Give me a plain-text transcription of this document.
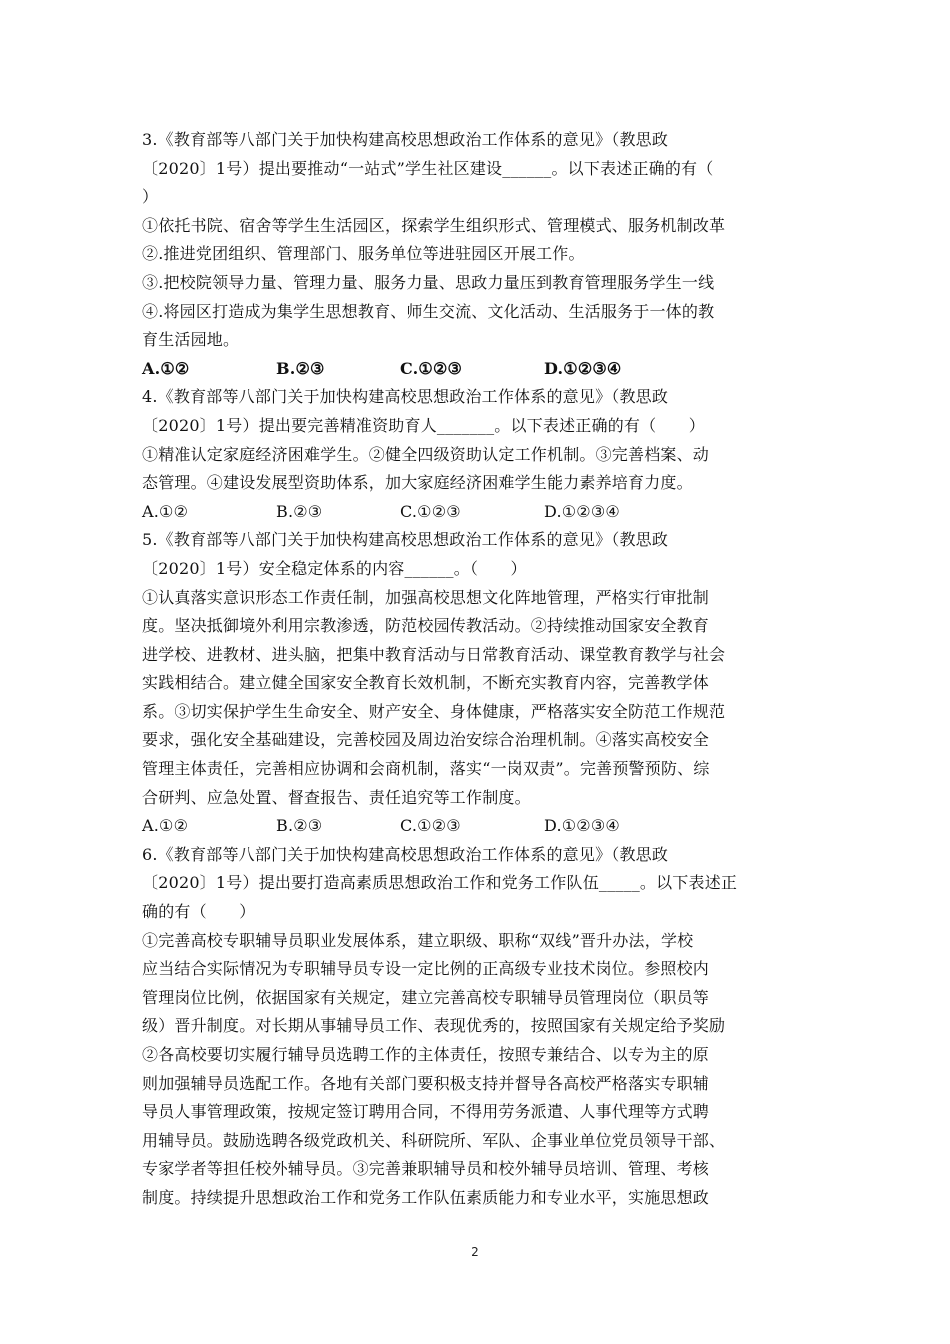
3.《教育部等八部门关于加快构建高校思想政治工作体系的意见》（教思政
〔2020〕1号）提出要推动“一站式”学生社区建设______。以下表述正确的有（
）
①依托书院、宿舍等学生生活园区，探索学生组织形式、管理模式、服务机制改革
②.推进党团组织、管理部门、服务单位等进驻园区开展工作。
③.把校院领导力量、管理力量、服务力量、思政力量压到教育管理服务学生一线
④.将园区打造成为集学生思想教育、师生交流、文化活动、生活服务于一体的教
育生活园地。
A.①②	B.②③	C.①②③	D.①②③④
4.《教育部等八部门关于加快构建高校思想政治工作体系的意见》（教思政
〔2020〕1号）提出要完善精准资助育人_______。以下表述正确的有（　　）
①精准认定家庭经济困难学生。②健全四级资助认定工作机制。③完善档案、动
态管理。④建设发展型资助体系，加大家庭经济困难学生能力素养培育力度。
A.①②	B.②③	C.①②③	D.①②③④
5.《教育部等八部门关于加快构建高校思想政治工作体系的意见》（教思政
〔2020〕1号）安全稳定体系的内容______。（　　）
①认真落实意识形态工作责任制，加强高校思想文化阵地管理，严格实行审批制
度。坚决抵御境外利用宗教渗透，防范校园传教活动。②持续推动国家安全教育
进学校、进教材、进头脑，把集中教育活动与日常教育活动、课堂教育教学与社会
实践相结合。建立健全国家安全教育长效机制，不断充实教育内容，完善教学体
系。③切实保护学生生命安全、财产安全、身体健康，严格落实安全防范工作规范
要求，强化安全基础建设，完善校园及周边治安综合治理机制。④落实高校安全
管理主体责任，完善相应协调和会商机制，落实“一岗双责”。完善预警预防、综
合研判、应急处置、督查报告、责任追究等工作制度。
A.①②	B.②③	C.①②③	D.①②③④
6.《教育部等八部门关于加快构建高校思想政治工作体系的意见》（教思政
〔2020〕1号）提出要打造高素质思想政治工作和党务工作队伍_____。以下表述正
确的有（　　）
①完善高校专职辅导员职业发展体系，建立职级、职称“双线”晋升办法，学校
应当结合实际情况为专职辅导员专设一定比例的正高级专业技术岗位。参照校内
管理岗位比例，依据国家有关规定，建立完善高校专职辅导员管理岗位（职员等
级）晋升制度。对长期从事辅导员工作、表现优秀的，按照国家有关规定给予奖励
②各高校要切实履行辅导员选聘工作的主体责任，按照专兼结合、以专为主的原
则加强辅导员选配工作。各地有关部门要积极支持并督导各高校严格落实专职辅
导员人事管理政策，按规定签订聘用合同，不得用劳务派遣、人事代理等方式聘
用辅导员。鼓励选聘各级党政机关、科研院所、军队、企事业单位党员领导干部、
专家学者等担任校外辅导员。③完善兼职辅导员和校外辅导员培训、管理、考核
制度。持续提升思想政治工作和党务工作队伍素质能力和专业水平，实施思想政
2
